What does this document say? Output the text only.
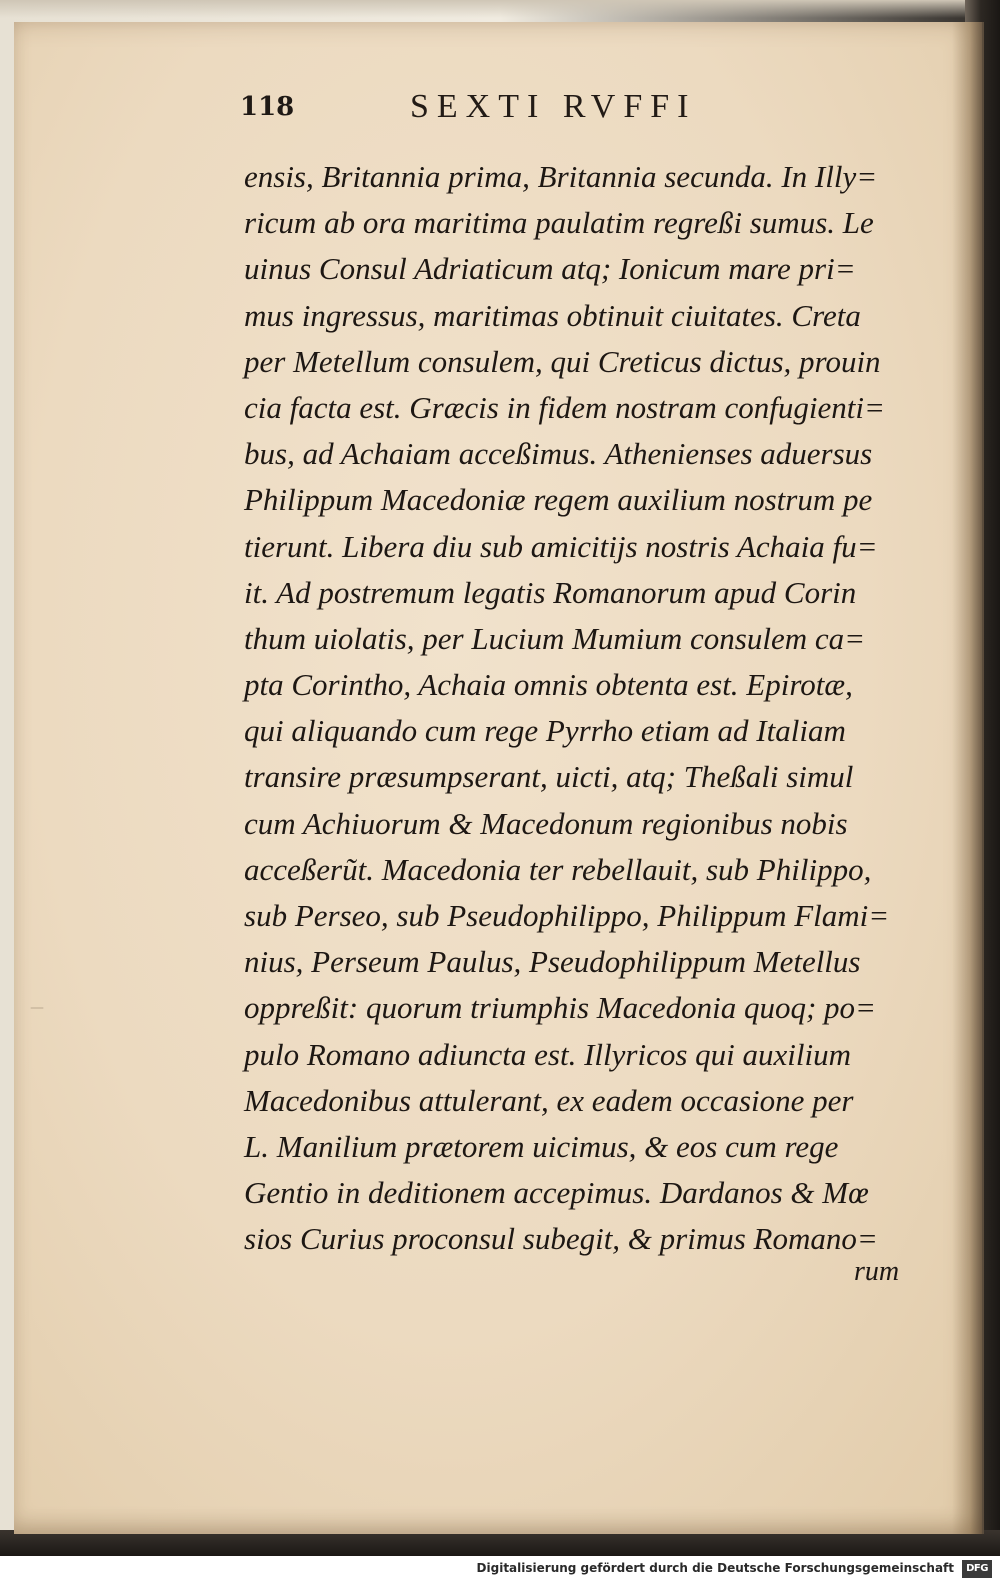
118	SEXTI RVFFI
—
ensis, Britannia prima, Britannia secunda. In Illy=
ricum ab ora maritima paulatim regreßi sumus. Le
uinus Consul Adriaticum atq; Ionicum mare pri=
mus ingressus, maritimas obtinuit ciuitates. Creta
per Metellum consulem, qui Creticus dictus, prouin
cia facta est. Græcis in fidem nostram confugienti=
bus, ad Achaiam acceßimus. Athenienses aduersus
Philippum Macedoniæ regem auxilium nostrum pe
tierunt. Libera diu sub amicitijs nostris Achaia fu=
it. Ad postremum legatis Romanorum apud Corin
thum uiolatis, per Lucium Mumium consulem ca=
pta Corintho, Achaia omnis obtenta est. Epirotæ,
qui aliquando cum rege Pyrrho etiam ad Italiam
transire præsumpserant, uicti, atq; Theßali simul
cum Achiuorum & Macedonum regionibus nobis
acceßerũt. Macedonia ter rebellauit, sub Philippo,
sub Perseo, sub Pseudophilippo, Philippum Flami=
nius, Perseum Paulus, Pseudophilippum Metellus
oppreßit: quorum triumphis Macedonia quoq; po=
pulo Romano adiuncta est. Illyricos qui auxilium
Macedonibus attulerant, ex eadem occasione per
L. Manilium prætorem uicimus, & eos cum rege
Gentio in deditionem accepimus. Dardanos & Mœ
sios Curius proconsul subegit, & primus Romano=
rum
Digitalisierung gefördert durch die Deutsche Forschungsgemeinschaft	DFG
